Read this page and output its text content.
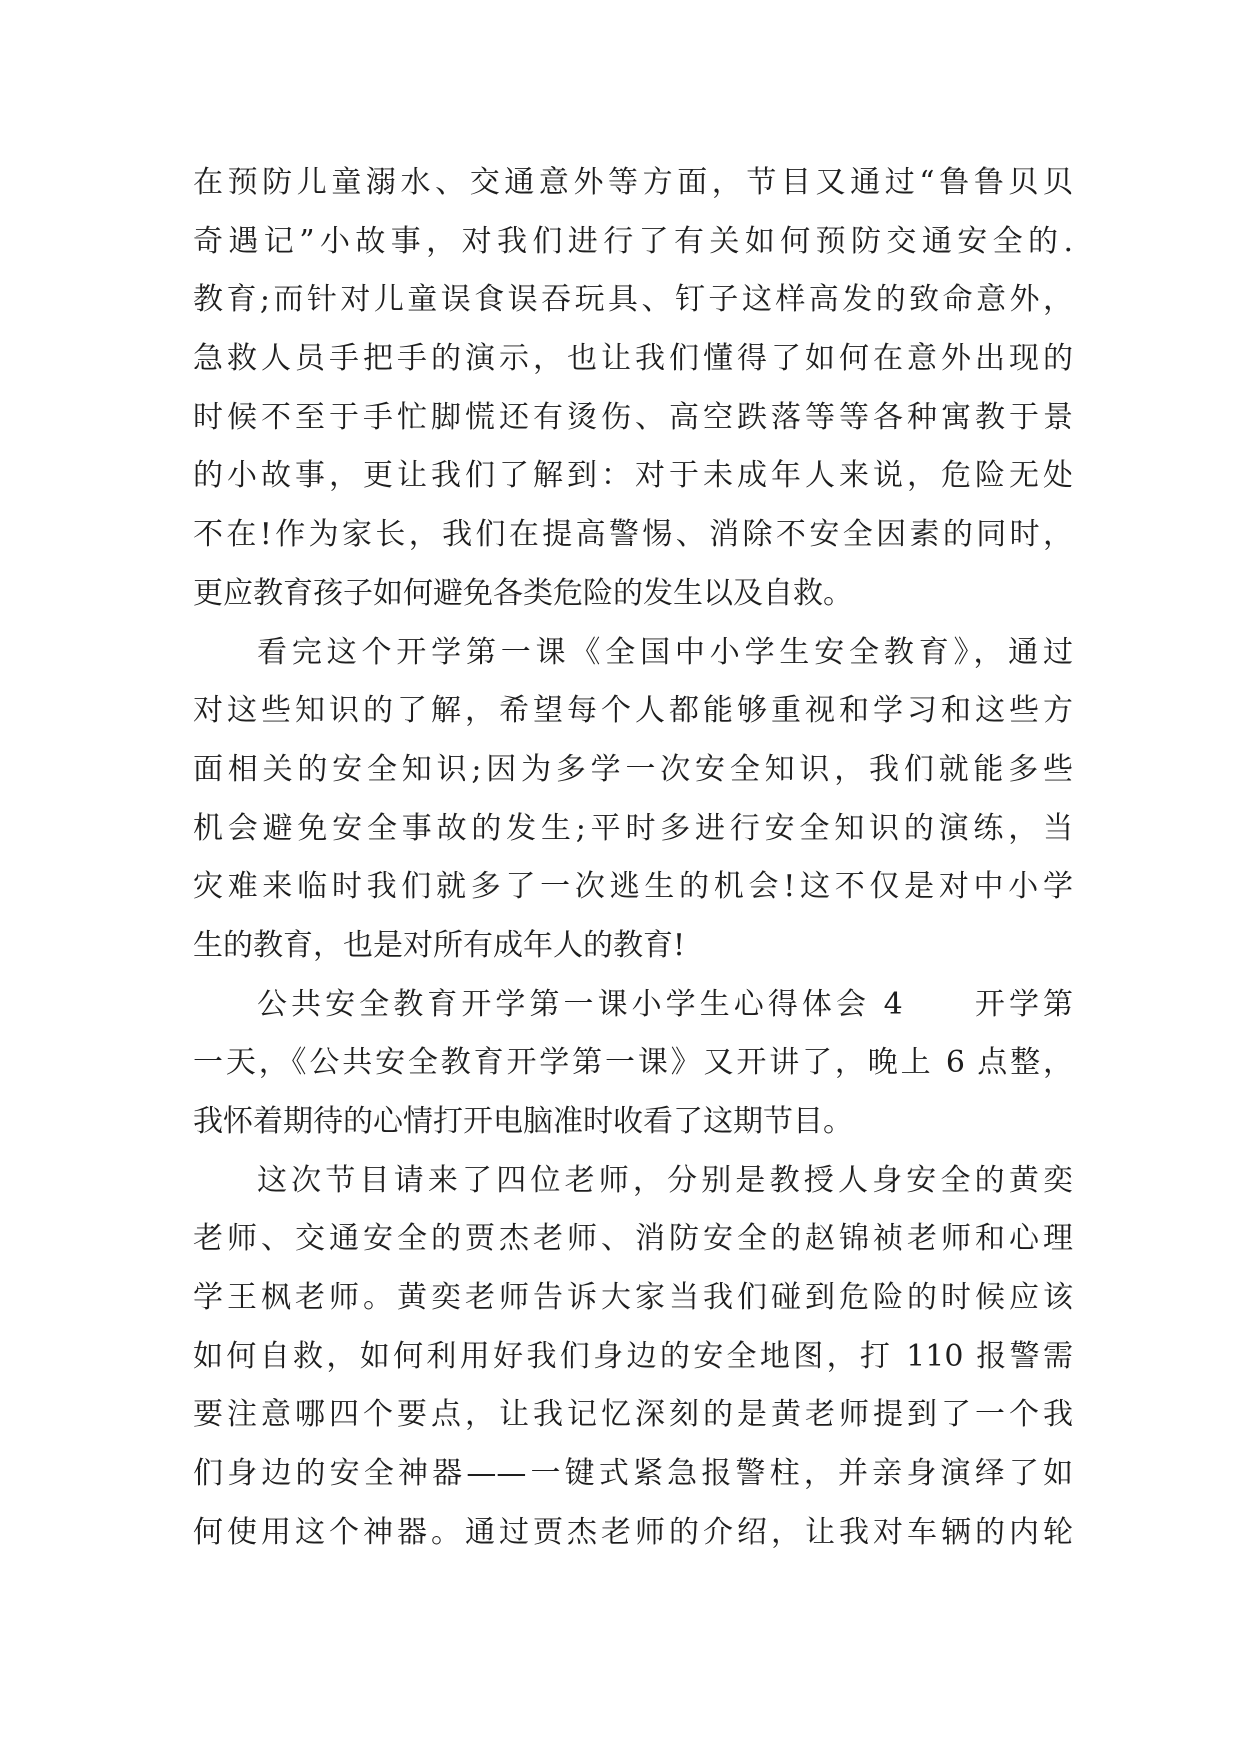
在预防儿童溺水、交通意外等方面，节目又通过“鲁鲁贝贝
奇遇记”小故事，对我们进行了有关如何预防交通安全的.
教育;而针对儿童误食误吞玩具、钉子这样高发的致命意外，
急救人员手把手的演示，也让我们懂得了如何在意外出现的
时候不至于手忙脚慌还有烫伤、高空跌落等等各种寓教于景
的小故事，更让我们了解到：对于未成年人来说，危险无处
不在!作为家长，我们在提高警惕、消除不安全因素的同时，
更应教育孩子如何避免各类危险的发生以及自救。
看完这个开学第一课《全国中小学生安全教育》，通过
对这些知识的了解，希望每个人都能够重视和学习和这些方
面相关的安全知识;因为多学一次安全知识，我们就能多些
机会避免安全事故的发生;平时多进行安全知识的演练，当
灾难来临时我们就多了一次逃生的机会!这不仅是对中小学
生的教育，也是对所有成年人的教育!
公共安全教育开学第一课小学生心得体会 4　　开学第
一天，《公共安全教育开学第一课》又开讲了，晚上 6 点整，
我怀着期待的心情打开电脑准时收看了这期节目。
这次节目请来了四位老师，分别是教授人身安全的黄奕
老师、交通安全的贾杰老师、消防安全的赵锦祯老师和心理
学王枫老师。黄奕老师告诉大家当我们碰到危险的时候应该
如何自救，如何利用好我们身边的安全地图，打 110 报警需
要注意哪四个要点，让我记忆深刻的是黄老师提到了一个我
们身边的安全神器——一键式紧急报警柱，并亲身演绎了如
何使用这个神器。通过贾杰老师的介绍，让我对车辆的内轮
